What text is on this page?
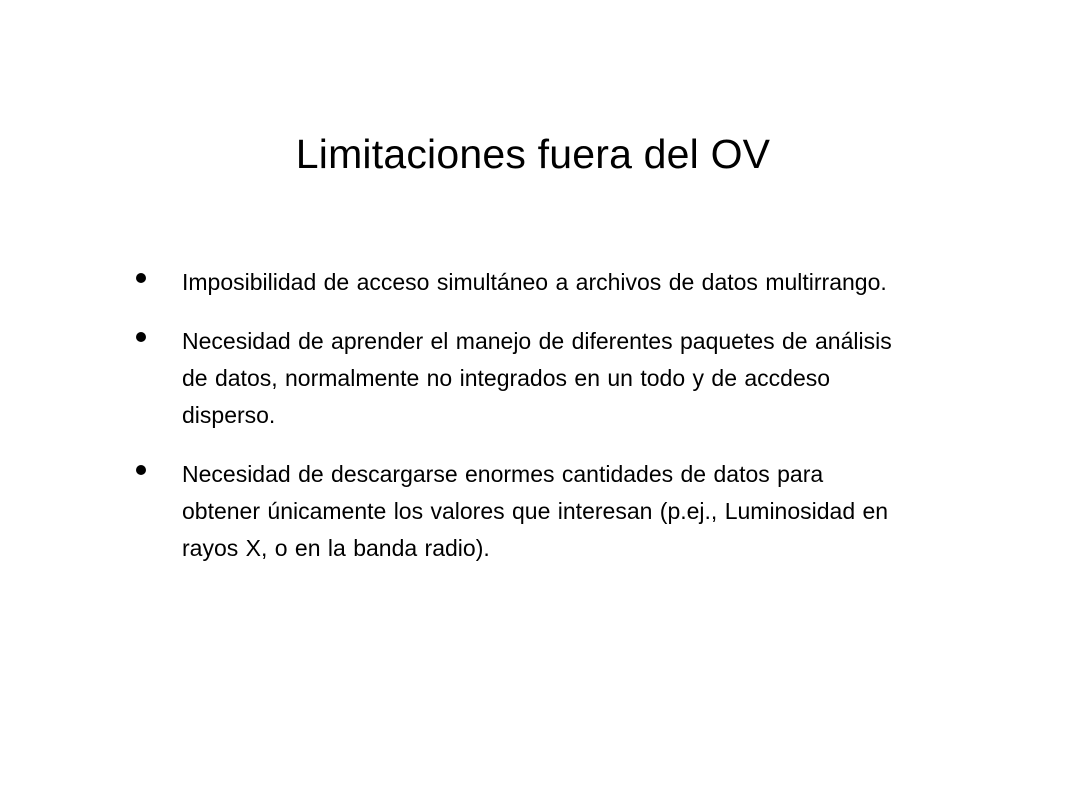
Limitaciones fuera del OV
Imposibilidad de acceso simultáneo a archivos de datos multirrango.
Necesidad de aprender el manejo de diferentes paquetes de análisis de datos, normalmente no integrados en un todo y de accdeso disperso.
Necesidad de descargarse enormes cantidades de datos para obtener únicamente los valores que interesan (p.ej., Luminosidad en rayos X, o en la banda radio).
